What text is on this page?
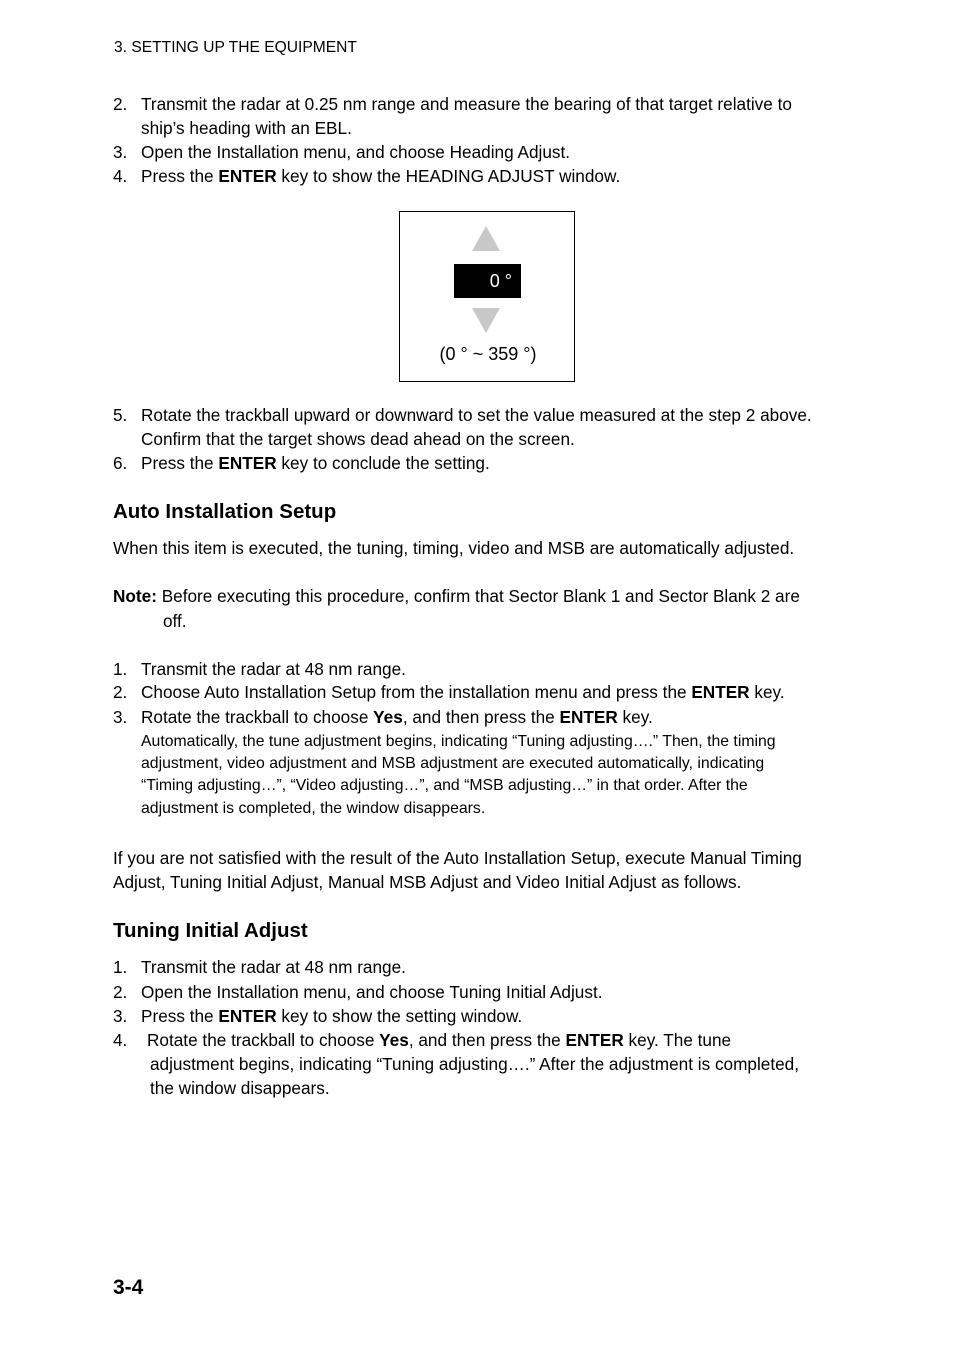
3. SETTING UP THE EQUIPMENT
2. Transmit the radar at 0.25 nm range and measure the bearing of that target relative to
ship’s heading with an EBL.
3. Open the Installation menu, and choose Heading Adjust.
4. Press the ENTER key to show the HEADING ADJUST window.
0 °
(0 ° ~ 359 °)
5. Rotate the trackball upward or downward to set the value measured at the step 2 above.
Confirm that the target shows dead ahead on the screen.
6. Press the ENTER key to conclude the setting.
Auto Installation Setup
When this item is executed, the tuning, timing, video and MSB are automatically adjusted.
Note: Before executing this procedure, confirm that Sector Blank 1 and Sector Blank 2 are
off.
1. Transmit the radar at 48 nm range.
2. Choose Auto Installation Setup from the installation menu and press the ENTER key.
3. Rotate the trackball to choose Yes, and then press the ENTER key.
Automatically, the tune adjustment begins, indicating “Tuning adjusting….” Then, the timing
adjustment, video adjustment and MSB adjustment are executed automatically, indicating
“Timing adjusting…”, “Video adjusting…”, and “MSB adjusting…” in that order. After the
adjustment is completed, the window disappears.
If you are not satisfied with the result of the Auto Installation Setup, execute Manual Timing
Adjust, Tuning Initial Adjust, Manual MSB Adjust and Video Initial Adjust as follows.
Tuning Initial Adjust
1. Transmit the radar at 48 nm range.
2. Open the Installation menu, and choose Tuning Initial Adjust.
3. Press the ENTER key to show the setting window.
4.	Rotate the trackball to choose Yes, and then press the ENTER key. The tune
adjustment begins, indicating “Tuning adjusting….” After the adjustment is completed,
the window disappears.
3-4
